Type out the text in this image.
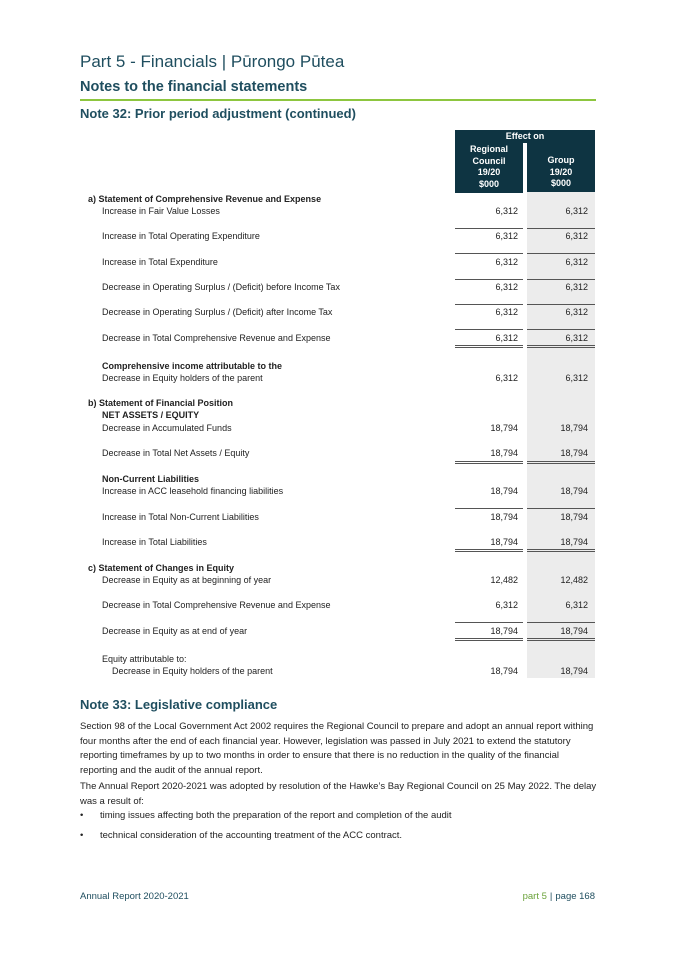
Part 5 - Financials | Pūrongo Pūtea
Notes to the financial statements
Note 32: Prior period adjustment (continued)
Effect on
Regional
Council
19/20
$000
Group
19/20
$000
a) Statement of Comprehensive Revenue and Expense
Increase in Fair Value Losses	6,312	6,312
Increase in Total Operating Expenditure	6,312	6,312
Increase in Total Expenditure	6,312	6,312
Decrease in Operating Surplus / (Deficit) before Income Tax	6,312	6,312
Decrease in Operating Surplus / (Deficit) after Income Tax	6,312	6,312
Decrease in Total Comprehensive Revenue and Expense	6,312	6,312
Comprehensive income attributable to the
Decrease in Equity holders of the parent	6,312	6,312
b) Statement of Financial Position
NET ASSETS / EQUITY
Decrease in Accumulated Funds	18,794	18,794
Decrease in Total Net Assets / Equity	18,794	18,794
Non-Current Liabilities
Increase in ACC leasehold financing liabilities	18,794	18,794
Increase in Total Non-Current Liabilities	18,794	18,794
Increase in Total Liabilities	18,794	18,794
c) Statement of Changes in Equity
Decrease in Equity as at beginning of year	12,482	12,482
Decrease in Total Comprehensive Revenue and Expense	6,312	6,312
Decrease in Equity as at end of year	18,794	18,794
Equity attributable to:
Decrease in Equity holders of the parent	18,794	18,794
Note 33: Legislative compliance

Section 98 of the Local Government Act 2002 requires the Regional Council to prepare and adopt an annual report withing four months after the end of each financial year. However, legislation was passed in July 2021 to extend the statutory reporting timeframes by up to two months in order to ensure that there is no reduction in the quality of the financial reporting and the audit of the annual report.

The Annual Report 2020-2021 was adopted by resolution of the Hawke’s Bay Regional Council on 25 May 2022. The delay was a result of:

• timing issues affecting both the preparation of the report and completion of the audit
• technical consideration of the accounting treatment of the ACC contract.
Annual Report 2020-2021	part 5 | page 168
